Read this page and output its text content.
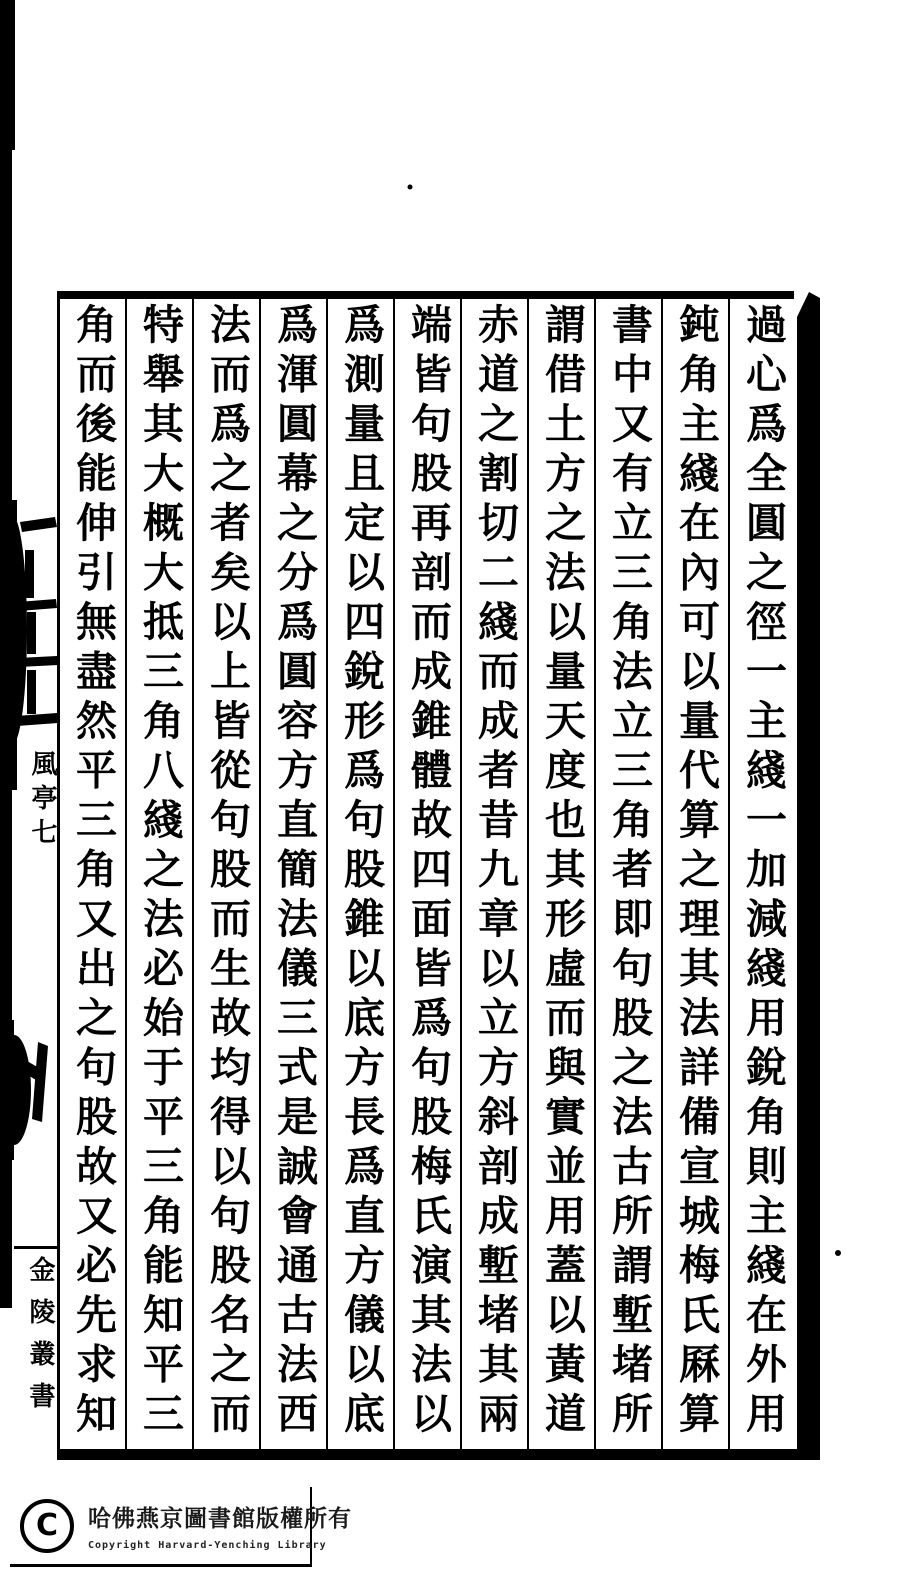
過心爲全圓之徑一主綫一加減綫用銳角則主綫在外用
鈍角主綫在內可以量代算之理其法詳備宣城梅氏厤算
書中又有立三角法立三角者即句股之法古所謂塹堵所
謂借土方之法以量天度也其形虛而與實並用蓋以黃道
赤道之割切二綫而成者昔九章以立方斜剖成塹堵其兩
端皆句股再剖而成錐體故四面皆爲句股梅氏演其法以
爲測量且定以四銳形爲句股錐以底方長爲直方儀以底
爲渾圓幕之分爲圓容方直簡法儀三式是誠會通古法西
法而爲之者矣以上皆從句股而生故均得以句股名之而
特舉其大概大抵三角八綫之法必始于平三角能知平三
角而後能伸引無盡然平三角又出之句股故又必先求知
風亭七
金陵叢書
C	哈佛燕京圖書館版權所有
Copyright Harvard-Yenching Library
